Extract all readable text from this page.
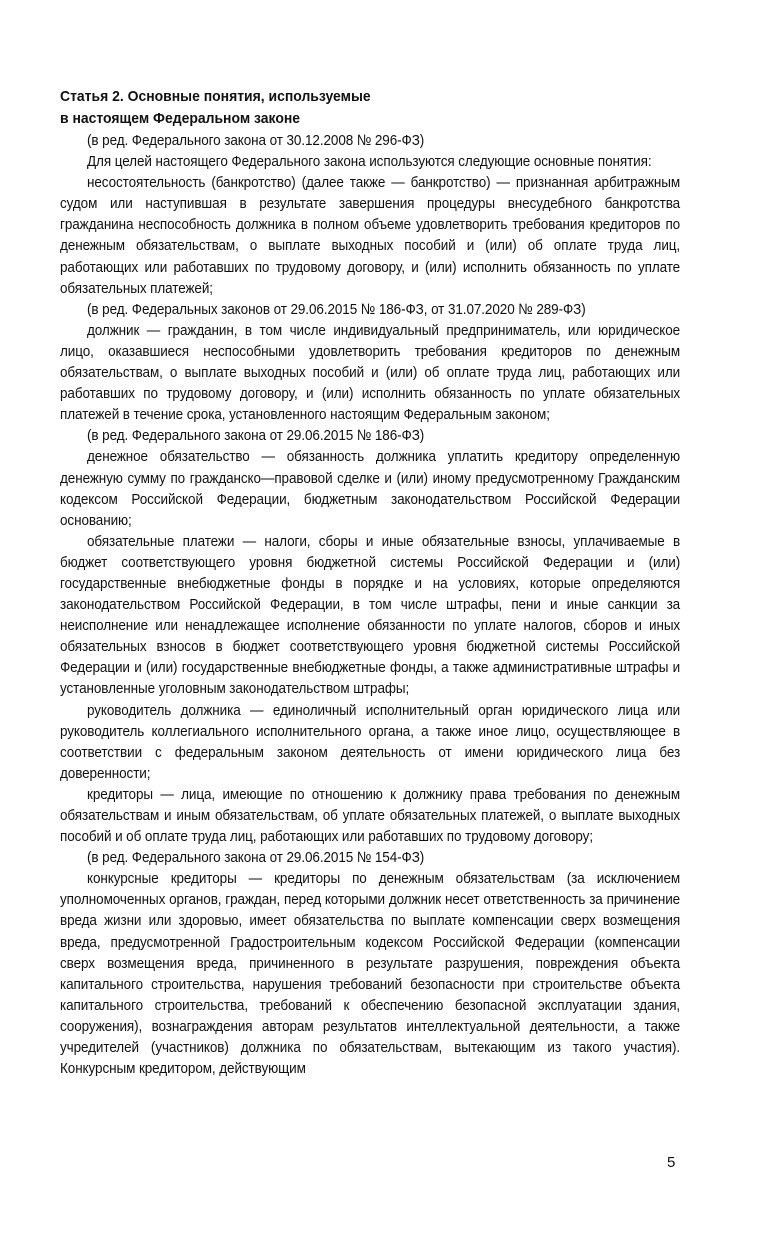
Статья 2. Основные понятия, используемые
в настоящем Федеральном законе

(в ред. Федерального закона от 30.12.2008 № 296-ФЗ)

Для целей настоящего Федерального закона используются следующие основные понятия:

несостоятельность (банкротство) (далее также — банкротство) — признанная арбитражным судом или наступившая в результате завершения процедуры внесудебного банкротства гражданина неспособность должника в полном объеме удовлетворить требования кредиторов по денежным обязательствам, о выплате выходных пособий и (или) об оплате труда лиц, работающих или работавших по трудовому договору, и (или) исполнить обязанность по уплате обязательных платежей;

(в ред. Федеральных законов от 29.06.2015 № 186-ФЗ, от 31.07.2020 № 289-ФЗ)

должник — гражданин, в том числе индивидуальный предприниматель, или юридическое лицо, оказавшиеся неспособными удовлетворить требования кредиторов по денежным обязательствам, о выплате выходных пособий и (или) об оплате труда лиц, работающих или работавших по трудовому договору, и (или) исполнить обязанность по уплате обязательных платежей в течение срока, установленного настоящим Федеральным законом;

(в ред. Федерального закона от 29.06.2015 № 186-ФЗ)

денежное обязательство — обязанность должника уплатить кредитору определенную денежную сумму по гражданско—правовой сделке и (или) иному предусмотренному Гражданским кодексом Российской Федерации, бюджетным законодательством Российской Федерации основанию;

обязательные платежи — налоги, сборы и иные обязательные взносы, уплачиваемые в бюджет соответствующего уровня бюджетной системы Российской Федерации и (или) государственные внебюджетные фонды в порядке и на условиях, которые определяются законодательством Российской Федерации, в том числе штрафы, пени и иные санкции за неисполнение или ненадлежащее исполнение обязанности по уплате налогов, сборов и иных обязательных взносов в бюджет соответствующего уровня бюджетной системы Российской Федерации и (или) государственные внебюджетные фонды, а также административные штрафы и установленные уголовным законодательством штрафы;

руководитель должника — единоличный исполнительный орган юридического лица или руководитель коллегиального исполнительного органа, а также иное лицо, осуществляющее в соответствии с федеральным законом деятельность от имени юридического лица без доверенности;

кредиторы — лица, имеющие по отношению к должнику права требования по денежным обязательствам и иным обязательствам, об уплате обязательных платежей, о выплате выходных пособий и об оплате труда лиц, работающих или работавших по трудовому договору;

(в ред. Федерального закона от 29.06.2015 № 154-ФЗ)

конкурсные кредиторы — кредиторы по денежным обязательствам (за исключением уполномоченных органов, граждан, перед которыми должник несет ответственность за причинение вреда жизни или здоровью, имеет обязательства по выплате компенсации сверх возмещения вреда, предусмотренной Градостроительным кодексом Российской Федерации (компенсации сверх возмещения вреда, причиненного в результате разрушения, повреждения объекта капитального строительства, нарушения требований безопасности при строительстве объекта капитального строительства, требований к обеспечению безопасной эксплуатации здания, сооружения), вознаграждения авторам результатов интеллектуальной деятельности, а также учредителей (участников) должника по обязательствам, вытекающим из такого участия). Конкурсным кредитором, действующим

5
